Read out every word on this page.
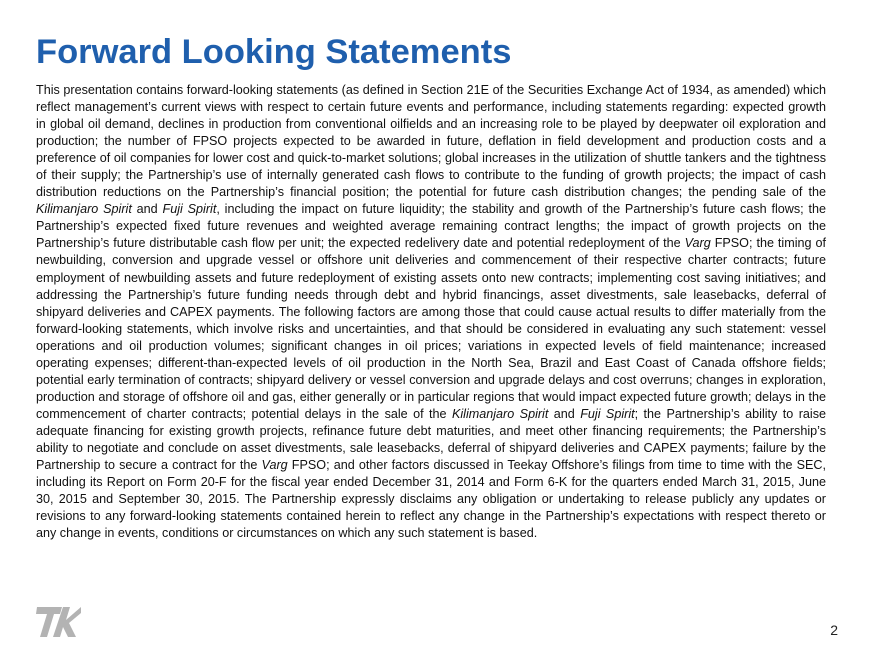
Forward Looking Statements

This presentation contains forward-looking statements (as defined in Section 21E of the Securities Exchange Act of 1934, as amended) which reflect management’s current views with respect to certain future events and performance, including statements regarding: expected growth in global oil demand, declines in production from conventional oilfields and an increasing role to be played by deepwater oil exploration and production; the number of FPSO projects expected to be awarded in future, deflation in field development and production costs and a preference of oil companies for lower cost and quick-to-market solutions; global increases in the utilization of shuttle tankers and the tightness of their supply; the Partnership’s use of internally generated cash flows to contribute to the funding of growth projects; the impact of cash distribution reductions on the Partnership’s financial position; the potential for future cash distribution changes; the pending sale of the Kilimanjaro Spirit and Fuji Spirit, including the impact on future liquidity; the stability and growth of the Partnership’s future cash flows; the Partnership’s expected fixed future revenues and weighted average remaining contract lengths; the impact of growth projects on the Partnership’s future distributable cash flow per unit; the expected redelivery date and potential redeployment of the Varg FPSO; the timing of newbuilding, conversion and upgrade vessel or offshore unit deliveries and commencement of their respective charter contracts; future employment of newbuilding assets and future redeployment of existing assets onto new contracts; implementing cost saving initiatives; and addressing the Partnership’s future funding needs through debt and hybrid financings, asset divestments, sale leasebacks, deferral of shipyard deliveries and CAPEX payments. The following factors are among those that could cause actual results to differ materially from the forward-looking statements, which involve risks and uncertainties, and that should be considered in evaluating any such statement: vessel operations and oil production volumes; significant changes in oil prices; variations in expected levels of field maintenance; increased operating expenses; different-than-expected levels of oil production in the North Sea, Brazil and East Coast of Canada offshore fields; potential early termination of contracts; shipyard delivery or vessel conversion and upgrade delays and cost overruns; changes in exploration, production and storage of offshore oil and gas, either generally or in particular regions that would impact expected future growth; delays in the commencement of charter contracts; potential delays in the sale of the Kilimanjaro Spirit and Fuji Spirit; the Partnership’s ability to raise adequate financing for existing growth projects, refinance future debt maturities, and meet other financing requirements; the Partnership’s ability to negotiate and conclude on asset divestments, sale leasebacks, deferral of shipyard deliveries and CAPEX payments; failure by the Partnership to secure a contract for the Varg FPSO; and other factors discussed in Teekay Offshore’s filings from time to time with the SEC, including its Report on Form 20-F for the fiscal year ended December 31, 2014 and Form 6-K for the quarters ended March 31, 2015, June 30, 2015 and September 30, 2015. The Partnership expressly disclaims any obligation or undertaking to release publicly any updates or revisions to any forward-looking statements contained herein to reflect any change in the Partnership’s expectations with respect thereto or any change in events, conditions or circumstances on which any such statement is based.

2
